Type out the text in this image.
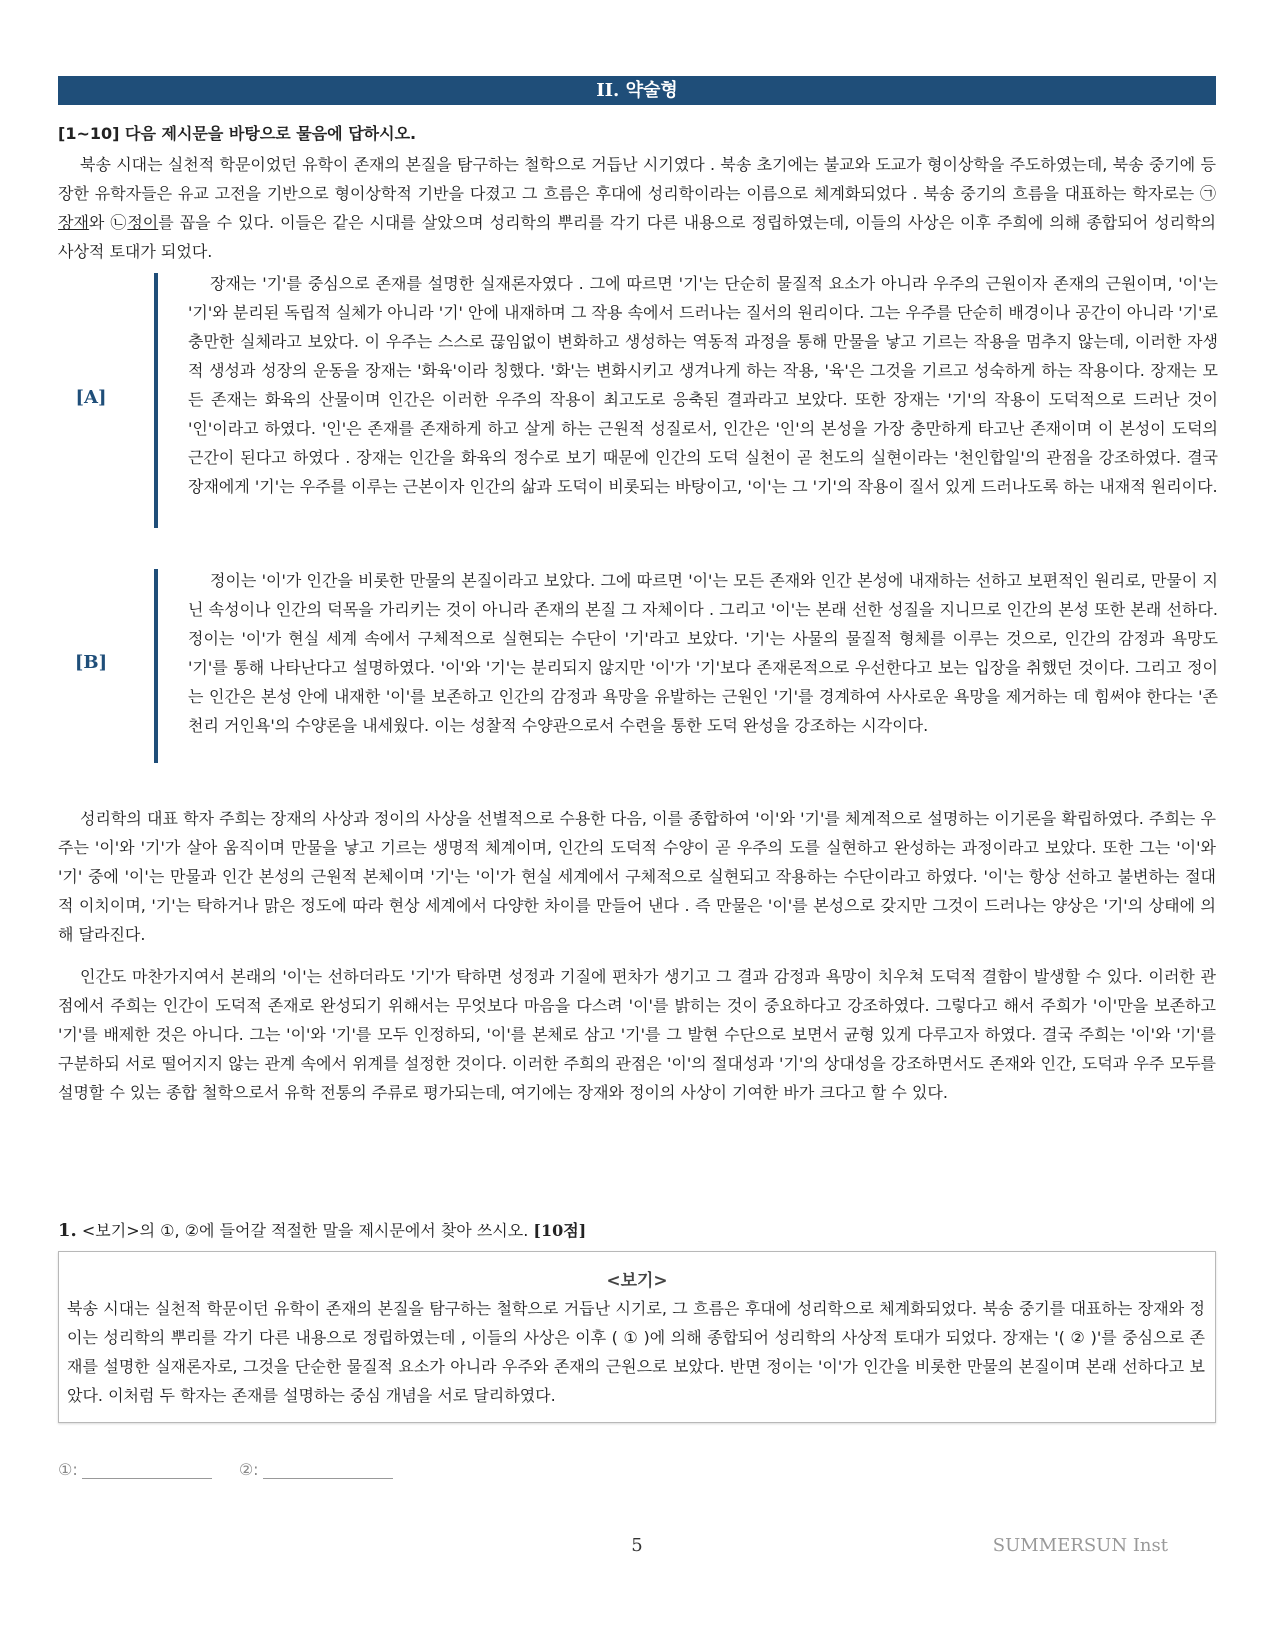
II. 약술형
[1~10] 다음 제시문을 바탕으로 물음에 답하시오.

북송 시대는 실천적 학문이었던 유학이 존재의 본질을 탐구하는 철학으로 거듭난 시기였다 . 북송 초기에는 불교와 도교가 형이상학을 주도하였는데, 북송 중기에 등장한 유학자들은 유교 고전을 기반으로 형이상학적 기반을 다졌고 그 흐름은 후대에 성리학이라는 이름으로 체계화되었다 . 북송 중기의 흐름을 대표하는 학자로는 ㉠장재와 ㉡정이를 꼽을 수 있다. 이들은 같은 시대를 살았으며 성리학의 뿌리를 각기 다른 내용으로 정립하였는데, 이들의 사상은 이후 주희에 의해 종합되어 성리학의 사상적 토대가 되었다.

[A]

장재는 '기'를 중심으로 존재를 설명한 실재론자였다 . 그에 따르면 '기'는 단순히 물질적 요소가 아니라 우주의 근원이자 존재의 근원이며, '이'는 '기'와 분리된 독립적 실체가 아니라 '기' 안에 내재하며 그 작용 속에서 드러나는 질서의 원리이다. 그는 우주를 단순히 배경이나 공간이 아니라 '기'로 충만한 실체라고 보았다. 이 우주는 스스로 끊임없이 변화하고 생성하는 역동적 과정을 통해 만물을 낳고 기르는 작용을 멈추지 않는데, 이러한 자생적 생성과 성장의 운동을 장재는 '화육'이라 칭했다. '화'는 변화시키고 생겨나게 하는 작용, '육'은 그것을 기르고 성숙하게 하는 작용이다. 장재는 모든 존재는 화육의 산물이며 인간은 이러한 우주의 작용이 최고도로 응축된 결과라고 보았다. 또한 장재는 '기'의 작용이 도덕적으로 드러난 것이 '인'이라고 하였다. '인'은 존재를 존재하게 하고 살게 하는 근원적 성질로서, 인간은 '인'의 본성을 가장 충만하게 타고난 존재이며 이 본성이 도덕의 근간이 된다고 하였다 . 장재는 인간을 화육의 정수로 보기 때문에 인간의 도덕 실천이 곧 천도의 실현이라는 '천인합일'의 관점을 강조하였다. 결국 장재에게 '기'는 우주를 이루는 근본이자 인간의 삶과 도덕이 비롯되는 바탕이고, '이'는 그 '기'의 작용이 질서 있게 드러나도록 하는 내재적 원리이다.

[B]

정이는 '이'가 인간을 비롯한 만물의 본질이라고 보았다. 그에 따르면 '이'는 모든 존재와 인간 본성에 내재하는 선하고 보편적인 원리로, 만물이 지닌 속성이나 인간의 덕목을 가리키는 것이 아니라 존재의 본질 그 자체이다 . 그리고 '이'는 본래 선한 성질을 지니므로 인간의 본성 또한 본래 선하다. 정이는 '이'가 현실 세계 속에서 구체적으로 실현되는 수단이 '기'라고 보았다. '기'는 사물의 물질적 형체를 이루는 것으로, 인간의 감정과 욕망도 '기'를 통해 나타난다고 설명하였다. '이'와 '기'는 분리되지 않지만 '이'가 '기'보다 존재론적으로 우선한다고 보는 입장을 취했던 것이다. 그리고 정이는 인간은 본성 안에 내재한 '이'를 보존하고 인간의 감정과 욕망을 유발하는 근원인 '기'를 경계하여 사사로운 욕망을 제거하는 데 힘써야 한다는 '존천리 거인욕'의 수양론을 내세웠다. 이는 성찰적 수양관으로서 수련을 통한 도덕 완성을 강조하는 시각이다.

성리학의 대표 학자 주희는 장재의 사상과 정이의 사상을 선별적으로 수용한 다음, 이를 종합하여 '이'와 '기'를 체계적으로 설명하는 이기론을 확립하였다. 주희는 우주는 '이'와 '기'가 살아 움직이며 만물을 낳고 기르는 생명적 체계이며, 인간의 도덕적 수양이 곧 우주의 도를 실현하고 완성하는 과정이라고 보았다. 또한 그는 '이'와 '기' 중에 '이'는 만물과 인간 본성의 근원적 본체이며 '기'는 '이'가 현실 세계에서 구체적으로 실현되고 작용하는 수단이라고 하였다. '이'는 항상 선하고 불변하는 절대적 이치이며, '기'는 탁하거나 맑은 정도에 따라 현상 세계에서 다양한 차이를 만들어 낸다 . 즉 만물은 '이'를 본성으로 갖지만 그것이 드러나는 양상은 '기'의 상태에 의해 달라진다.

인간도 마찬가지여서 본래의 '이'는 선하더라도 '기'가 탁하면 성정과 기질에 편차가 생기고 그 결과 감정과 욕망이 치우쳐 도덕적 결함이 발생할 수 있다. 이러한 관점에서 주희는 인간이 도덕적 존재로 완성되기 위해서는 무엇보다 마음을 다스려 '이'를 밝히는 것이 중요하다고 강조하였다. 그렇다고 해서 주희가 '이'만을 보존하고 '기'를 배제한 것은 아니다. 그는 '이'와 '기'를 모두 인정하되, '이'를 본체로 삼고 '기'를 그 발현 수단으로 보면서 균형 있게 다루고자 하였다. 결국 주희는 '이'와 '기'를 구분하되 서로 떨어지지 않는 관계 속에서 위계를 설정한 것이다. 이러한 주희의 관점은 '이'의 절대성과 '기'의 상대성을 강조하면서도 존재와 인간, 도덕과 우주 모두를 설명할 수 있는 종합 철학으로서 유학 전통의 주류로 평가되는데, 여기에는 장재와 정이의 사상이 기여한 바가 크다고 할 수 있다.

1. <보기>의 ①, ②에 들어갈 적절한 말을 제시문에서 찾아 쓰시오. [10점]
<보기>

북송 시대는 실천적 학문이던 유학이 존재의 본질을 탐구하는 철학으로 거듭난 시기로, 그 흐름은 후대에 성리학으로 체계화되었다. 북송 중기를 대표하는 장재와 정이는 성리학의 뿌리를 각기 다른 내용으로 정립하였는데 , 이들의 사상은 이후 ( ① )에 의해 종합되어 성리학의 사상적 토대가 되었다. 장재는 '( ② )'를 중심으로 존재를 설명한 실재론자로, 그것을 단순한 물질적 요소가 아니라 우주와 존재의 근원으로 보았다. 반면 정이는 '이'가 인간을 비롯한 만물의 본질이며 본래 선하다고 보았다. 이처럼 두 학자는 존재를 설명하는 중심 개념을 서로 달리하였다.

①:	②:
5	SUMMERSUN Inst
